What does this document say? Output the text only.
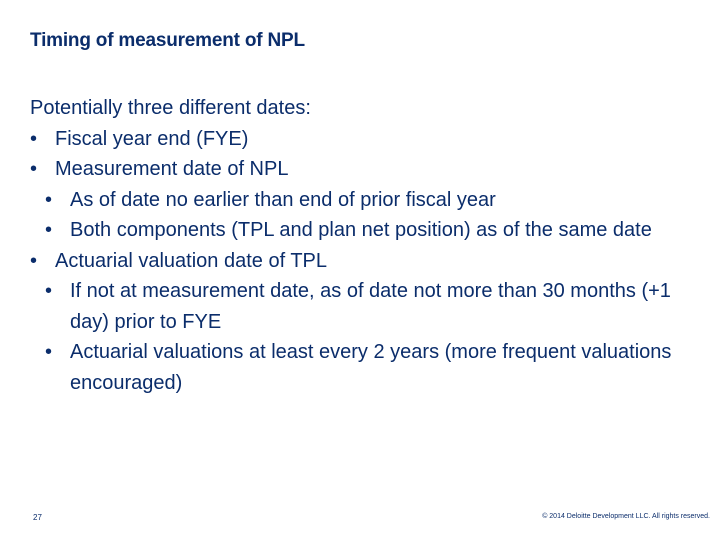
Timing of measurement of NPL

Potentially three different dates:

• Fiscal year end (FYE)

• Measurement date of NPL

• As of date no earlier than end of prior fiscal year

• Both components (TPL and plan net position) as of the same date

• Actuarial valuation date of TPL

• If not at measurement date, as of date not more than 30 months (+1 day) prior to FYE

• Actuarial valuations at least every 2 years (more frequent valuations encouraged)

27	© 2014 Deloitte Development LLC. All rights reserved.
